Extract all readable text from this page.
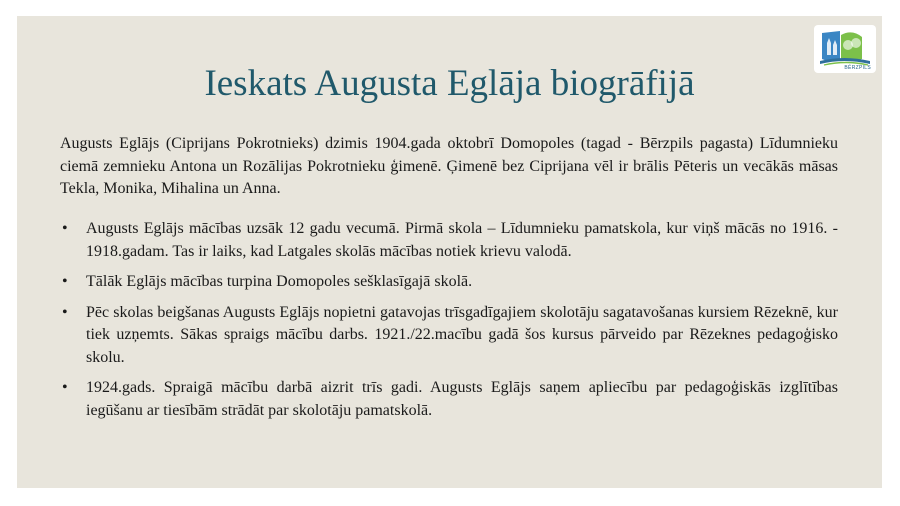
BĒRZPILS
Ieskats Augusta Eglāja biogrāfijā

Augusts Eglājs (Ciprijans Pokrotnieks) dzimis 1904.gada oktobrī Domopoles (tagad - Bērzpils pagasta) Līdumnieku ciemā zemnieku Antona un Rozālijas Pokrotnieku ģimenē. Ģimenē bez Ciprijana vēl ir brālis Pēteris un vecākās māsas Tekla, Monika, Mihalina un Anna.

• Augusts Eglājs mācības uzsāk 12 gadu vecumā. Pirmā skola – Līdumnieku pamatskola, kur viņš mācās no 1916. - 1918.gadam. Tas ir laiks, kad Latgales skolās mācības notiek krievu valodā.
• Tālāk Eglājs mācības turpina Domopoles sešklasīgajā skolā.
• Pēc skolas beigšanas Augusts Eglājs nopietni gatavojas trīsgadīgajiem skolotāju sagatavošanas kursiem Rēzeknē, kur tiek uzņemts. Sākas spraigs mācību darbs. 1921./22.macību gadā šos kursus pārveido par Rēzeknes pedagoģisko skolu.
• 1924.gads. Spraigā mācību darbā aizrit trīs gadi. Augusts Eglājs saņem apliecību par pedagoģiskās izglītības iegūšanu ar tiesībām strādāt par skolotāju pamatskolā.
